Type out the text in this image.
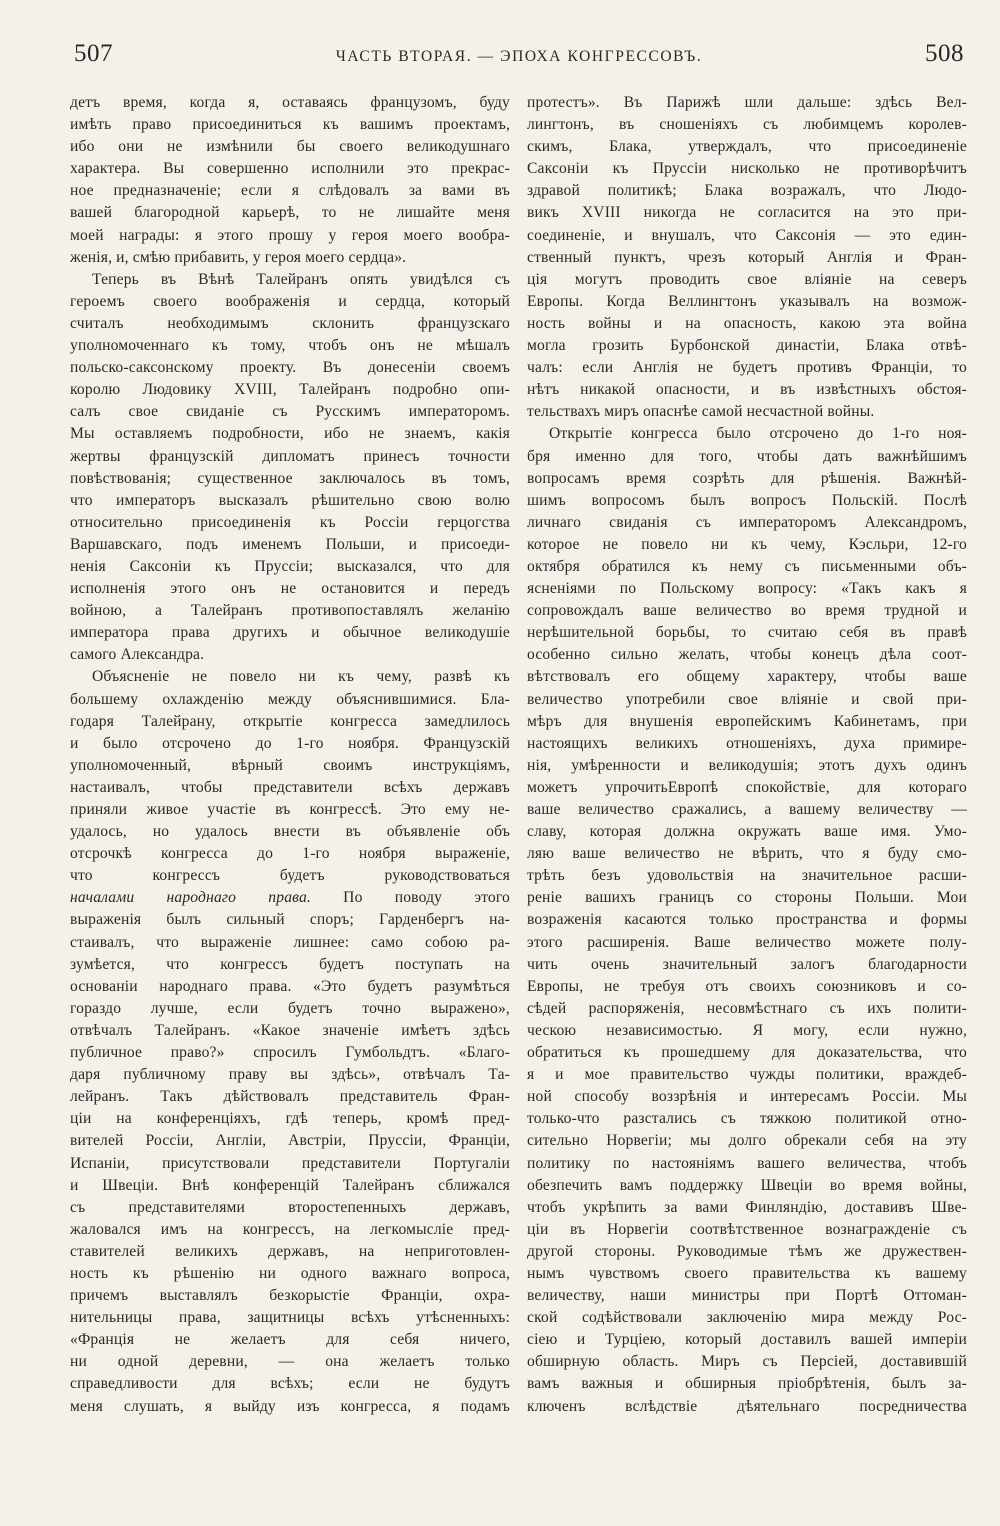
507	ЧАСТЬ ВТОРАЯ. — ЭПОХА КОНГРЕССОВЪ.	508
детъ время, когда я, оставаясь французомъ, буду
имѣть право присоединиться къ вашимъ проектамъ,
ибо они не измѣнили бы своего великодушнаго
характера. Вы совершенно исполнили это прекрас-
ное предназначеніе; если я слѣдовалъ за вами въ
вашей благородной карьерѣ, то не лишайте меня
моей награды: я этого прошу у героя моего вообра-
женія, и, смѣю прибавить, у героя моего сердца».
Теперь въ Вѣнѣ Талейранъ опять увидѣлся съ
героемъ своего воображенія и сердца, который
считалъ необходимымъ склонить французскаго
уполномоченнаго къ тому, чтобъ онъ не мѣшалъ
польско-саксонскому проекту. Въ донесеніи своемъ
королю Людовику XVIII, Талейранъ подробно опи-
салъ свое свиданіе съ Русскимъ императоромъ.
Мы оставляемъ подробности, ибо не знаемъ, какія
жертвы французскій дипломатъ принесъ точности
повѣствованія; существенное заключалось въ томъ,
что императоръ высказалъ рѣшительно свою волю
относительно присоединенія къ Россіи герцогства
Варшавскаго, подъ именемъ Польши, и присоеди-
ненія Саксоніи къ Пруссіи; высказался, что для
исполненія этого онъ не остановится и передъ
войною, а Талейранъ противопоставлялъ желанію
императора права другихъ и обычное великодушіе
самого Александра.
Объясненіе не повело ни къ чему, развѣ къ
большему охлажденію между объяснившимися. Бла-
годаря Талейрану, открытіе конгресса замедлилось
и было отсрочено до 1-го ноября. Французскій
уполномоченный, вѣрный своимъ инструкціямъ,
настаивалъ, чтобы представители всѣхъ державъ
приняли живое участіе въ конгрессѣ. Это ему не-
удалось, но удалось внести въ объявленіе объ
отсрочкѣ конгресса до 1-го ноября выраженіе,
что конгрессъ будетъ руководствоваться
началами народнаго права. По поводу этого
выраженія былъ сильный споръ; Гарденбергъ на-
стаивалъ, что выраженіе лишнее: само собою ра-
зумѣется, что конгрессъ будетъ поступать на
основаніи народнаго права. «Это будетъ разумѣться
гораздо лучше, если будетъ точно выражено»,
отвѣчалъ Талейранъ. «Какое значеніе имѣетъ здѣсь
публичное право?» спросилъ Гумбольдтъ. «Благо-
даря публичному праву вы здѣсь», отвѣчалъ Та-
лейранъ. Такъ дѣйствовалъ представитель Фран-
ціи на конференціяхъ, гдѣ теперь, кромѣ пред-
вителей Россіи, Англіи, Австріи, Пруссіи, Франціи,
Испаніи, присутствовали представители Португаліи
и Швеціи. Внѣ конференцій Талейранъ сближался
съ представителями второстепенныхъ державъ,
жаловался имъ на конгрессъ, на легкомысліе пред-
ставителей великихъ державъ, на неприготовлен-
ность къ рѣшенію ни одного важнаго вопроса,
причемъ выставлялъ безкорыстіе Франціи, охра-
нительницы права, защитницы всѣхъ утѣсненныхъ:
«Франція не желаетъ для себя ничего,
ни одной деревни, — она желаетъ только
справедливости для всѣхъ; если не будутъ
меня слушать, я выйду изъ конгресса, я подамъ
протестъ». Въ Парижѣ шли дальше: здѣсь Вел-
лингтонъ, въ сношеніяхъ съ любимцемъ королев-
скимъ, Блака, утверждалъ, что присоединеніе
Саксоніи къ Пруссіи нисколько не противорѣчитъ
здравой политикѣ; Блака возражалъ, что Людо-
викъ XVIII никогда не согласится на это при-
соединеніе, и внушалъ, что Саксонія — это един-
ственный пунктъ, чрезъ который Англія и Фран-
ція могутъ проводить свое вліяніе на северъ
Европы. Когда Веллингтонъ указывалъ на возмож-
ность войны и на опасность, какою эта война
могла грозить Бурбонской династіи, Блака отвѣ-
чалъ: если Англія не будетъ противъ Франціи, то
нѣтъ никакой опасности, и въ извѣстныхъ обстоя-
тельствахъ миръ опаснѣе самой несчастной войны.
Открытіе конгресса было отсрочено до 1-го ноя-
бря именно для того, чтобы дать важнѣйшимъ
вопросамъ время созрѣть для рѣшенія. Важнѣй-
шимъ вопросомъ былъ вопросъ Польскій. Послѣ
личнаго свиданія съ императоромъ Александромъ,
которое не повело ни къ чему, Кэсльри, 12-го
октября обратился къ нему съ письменными объ-
ясненіями по Польскому вопросу: «Такъ какъ я
сопровождалъ ваше величество во время трудной и
нерѣшительной борьбы, то считаю себя въ правѣ
особенно сильно желать, чтобы конецъ дѣла соот-
вѣтствовалъ его общему характеру, чтобы ваше
величество употребили свое вліяніе и свой при-
мѣръ для внушенія европейскимъ Кабинетамъ, при
настоящихъ великихъ отношеніяхъ, духа примире-
нія, умѣренности и великодушія; этотъ духъ одинъ
можетъ упрочитьЕвропѣ спокойствіе, для котораго
ваше величество сражались, а вашему величеству —
славу, которая должна окружать ваше имя. Умо-
ляю ваше величество не вѣрить, что я буду смо-
трѣть безъ удовольствія на значительное расши-
реніе вашихъ границъ со стороны Польши. Мои
возраженія касаются только пространства и формы
этого расширенія. Ваше величество можете полу-
чить очень значительный залогъ благодарности
Европы, не требуя отъ своихъ союзниковъ и со-
сѣдей распоряженія, несовмѣстнаго съ ихъ полити-
ческою независимостью. Я могу, если нужно,
обратиться къ прошедшему для доказательства, что
я и мое правительство чужды политики, враждеб-
ной способу воззрѣнія и интересамъ Россіи. Мы
только-что разстались съ тяжкою политикой отно-
сительно Норвегіи; мы долго обрекали себя на эту
политику по настояніямъ вашего величества, чтобъ
обезпечить вамъ поддержку Швеціи во время войны,
чтобъ укрѣпить за вами Финляндію, доставивъ Шве-
ціи въ Норвегіи соотвѣтственное вознагражденіе съ
другой стороны. Руководимые тѣмъ же дружествен-
нымъ чувствомъ своего правительства къ вашему
величеству, наши министры при Портѣ Оттоман-
ской содѣйствовали заключенію мира между Рос-
сіею и Турціею, который доставилъ вашей имперіи
обширную область. Миръ съ Персіей, доставившій
вамъ важныя и обширныя пріобрѣтенія, былъ за-
ключенъ вслѣдствіе дѣятельнаго посредничества
